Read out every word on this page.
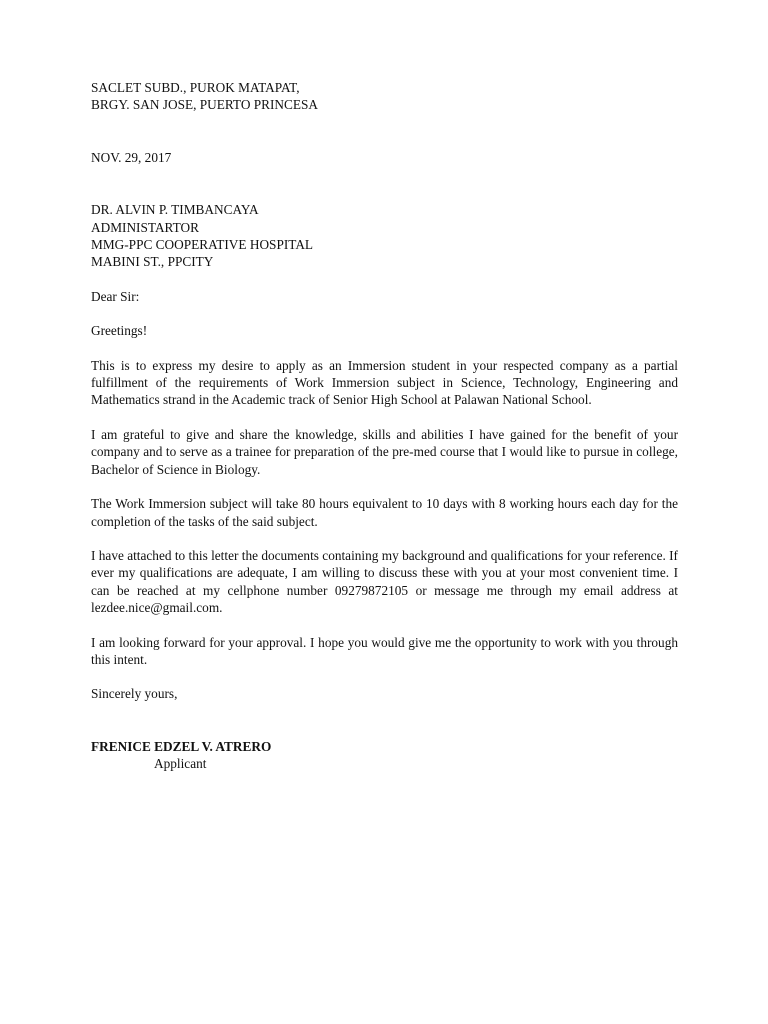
SACLET SUBD., PUROK MATAPAT,
BRGY. SAN JOSE, PUERTO PRINCESA
NOV. 29, 2017
DR. ALVIN P. TIMBANCAYA
ADMINISTARTOR
MMG-PPC COOPERATIVE HOSPITAL
MABINI ST., PPCITY
Dear Sir:
Greetings!

This is to express my desire to apply as an Immersion student in your respected company as a partial fulfillment of the requirements of Work Immersion subject in Science, Technology, Engineering and Mathematics strand in the Academic track of Senior High School at Palawan National School.

I am grateful to give and share the knowledge, skills and abilities I have gained for the benefit of your company and to serve as a trainee for preparation of the pre-med course that I would like to pursue in college, Bachelor of Science in Biology.

The Work Immersion subject will take 80 hours equivalent to 10 days with 8 working hours each day for the completion of the tasks of the said subject.

I have attached to this letter the documents containing my background and qualifications for your reference. If ever my qualifications are adequate, I am willing to discuss these with you at your most convenient time. I can be reached at my cellphone number 09279872105 or message me through my email address at lezdee.nice@gmail.com.

I am looking forward for your approval. I hope you would give me the opportunity to work with you through this intent.

Sincerely yours,
FRENICE EDZEL V. ATRERO
Applicant
